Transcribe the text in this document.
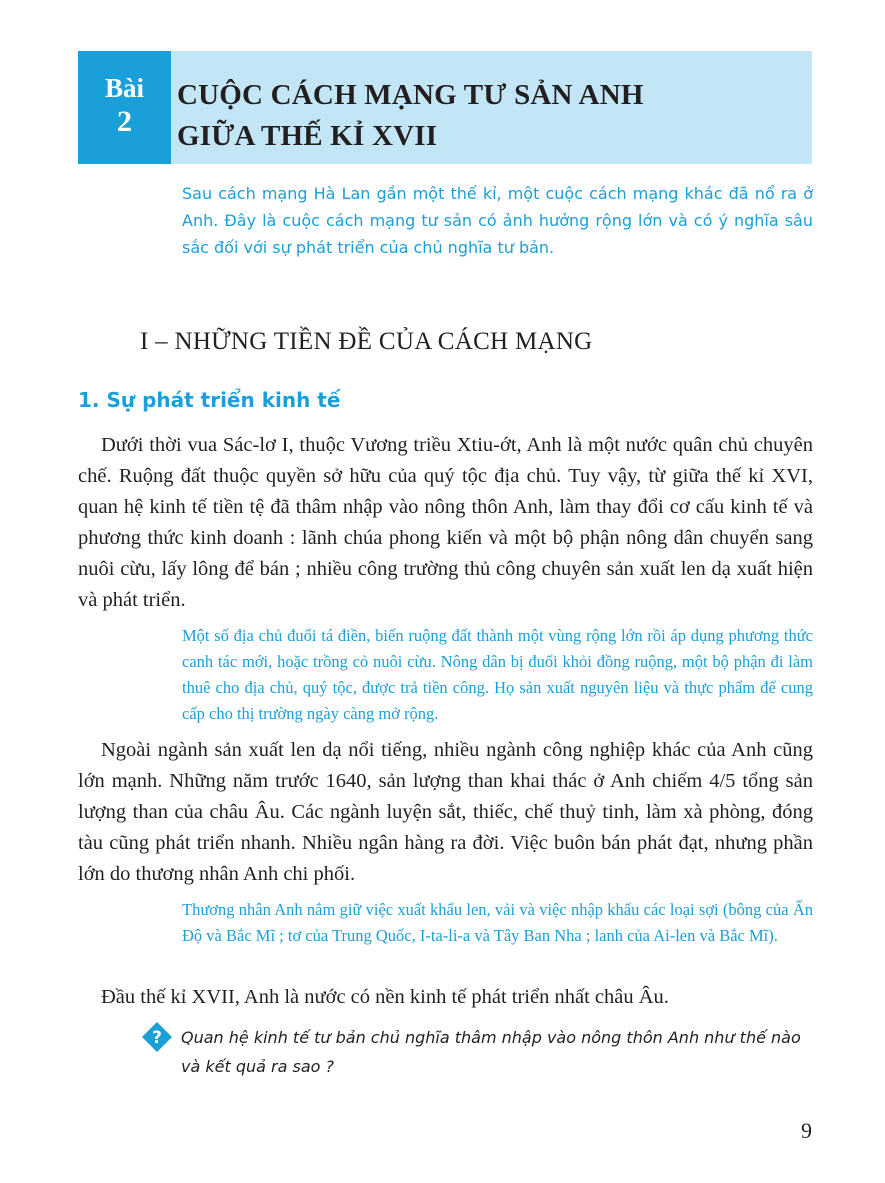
Bài
2
CUỘC CÁCH MẠNG TƯ SẢN ANH
GIỮA THẾ KỈ XVII

Sau cách mạng Hà Lan gần một thế kỉ, một cuộc cách mạng khác đã nổ ra ở Anh. Đây là cuộc cách mạng tư sản có ảnh hưởng rộng lớn và có ý nghĩa sâu sắc đối với sự phát triển của chủ nghĩa tư bản.

I – NHỮNG TIỀN ĐỀ CỦA CÁCH MẠNG
1. Sự phát triển kinh tế

Dưới thời vua Sác-lơ I, thuộc Vương triều Xtiu-ớt, Anh là một nước quân chủ chuyên chế. Ruộng đất thuộc quyền sở hữu của quý tộc địa chủ. Tuy vậy, từ giữa thế kỉ XVI, quan hệ kinh tế tiền tệ đã thâm nhập vào nông thôn Anh, làm thay đổi cơ cấu kinh tế và phương thức kinh doanh : lãnh chúa phong kiến và một bộ phận nông dân chuyển sang nuôi cừu, lấy lông để bán ; nhiều công trường thủ công chuyên sản xuất len dạ xuất hiện và phát triển.

Một số địa chủ đuổi tá điền, biến ruộng đất thành một vùng rộng lớn rồi áp dụng phương thức canh tác mới, hoặc trồng cỏ nuôi cừu. Nông dân bị đuổi khỏi đồng ruộng, một bộ phận đi làm thuê cho địa chủ, quý tộc, được trả tiền công. Họ sản xuất nguyên liệu và thực phẩm để cung cấp cho thị trường ngày càng mở rộng.

Ngoài ngành sản xuất len dạ nổi tiếng, nhiều ngành công nghiệp khác của Anh cũng lớn mạnh. Những năm trước 1640, sản lượng than khai thác ở Anh chiếm 4/5 tổng sản lượng than của châu Âu. Các ngành luyện sắt, thiếc, chế thuỷ tinh, làm xà phòng, đóng tàu cũng phát triển nhanh. Nhiều ngân hàng ra đời. Việc buôn bán phát đạt, nhưng phần lớn do thương nhân Anh chi phối.

Thương nhân Anh nắm giữ việc xuất khẩu len, vải và việc nhập khẩu các loại sợi (bông của Ấn Độ và Bắc Mĩ ; tơ của Trung Quốc, I-ta-li-a và Tây Ban Nha ; lanh của Ai-len và Bắc Mĩ).

Đầu thế kỉ XVII, Anh là nước có nền kinh tế phát triển nhất châu Âu.

? Quan hệ kinh tế tư bản chủ nghĩa thâm nhập vào nông thôn Anh như thế nào và kết quả ra sao ?

9
